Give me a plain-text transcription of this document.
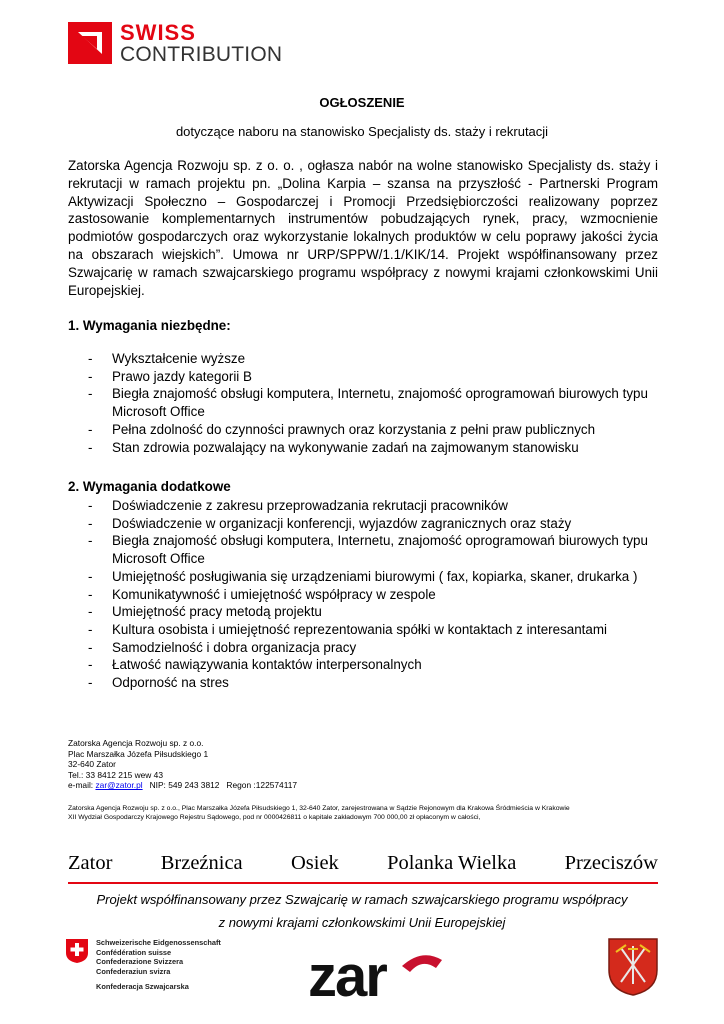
SWISS
CONTRIBUTION
OGŁOSZENIE
dotyczące naboru na stanowisko Specjalisty ds. staży i rekrutacji
Zatorska Agencja Rozwoju sp. z o. o. , ogłasza nabór na wolne stanowisko Specjalisty ds. staży i rekrutacji w ramach projektu pn. „Dolina Karpia – szansa na przyszłość - Partnerski Program Aktywizacji Społeczno – Gospodarczej i Promocji Przedsiębiorczości realizowany poprzez zastosowanie komplementarnych instrumentów pobudzających rynek, pracy, wzmocnienie podmiotów gospodarczych oraz wykorzystanie lokalnych produktów w celu poprawy jakości życia na obszarach wiejskich”. Umowa nr URP/SPPW/1.1/KIK/14. Projekt współfinansowany przez Szwajcarię w ramach szwajcarskiego programu współpracy z nowymi krajami członkowskimi Unii Europejskiej.
1. Wymagania niezbędne:
- Wykształcenie wyższe
- Prawo jazdy kategorii B
- Biegła znajomość obsługi komputera, Internetu, znajomość oprogramowań biurowych typu Microsoft Office
- Pełna zdolność do czynności prawnych oraz korzystania z pełni praw publicznych
- Stan zdrowia pozwalający na wykonywanie zadań na zajmowanym stanowisku
2. Wymagania dodatkowe
- Doświadczenie z zakresu przeprowadzania rekrutacji pracowników
- Doświadczenie w organizacji konferencji, wyjazdów zagranicznych oraz staży
- Biegła znajomość obsługi komputera, Internetu, znajomość oprogramowań biurowych typu Microsoft Office
- Umiejętność posługiwania się urządzeniami biurowymi ( fax, kopiarka, skaner, drukarka )
- Komunikatywność i umiejętność współpracy w zespole
- Umiejętność pracy metodą projektu
- Kultura osobista i umiejętność reprezentowania spółki w kontaktach z interesantami
- Samodzielność i dobra organizacja pracy
- Łatwość nawiązywania kontaktów interpersonalnych
- Odporność na stres
Zatorska Agencja Rozwoju sp. z o.o.
Plac Marszałka Józefa Piłsudskiego 1
32-640 Zator
Tel.: 33 8412 215 wew 43
e-mail: zar@zator.pl   NIP: 549 243 3812   Regon :122574117
Zatorska Agencja Rozwoju sp. z o.o., Plac Marszałka Józefa Piłsudskiego 1, 32-640 Zator, zarejestrowana w Sądzie Rejonowym dla Krakowa Śródmieścia w Krakowie
XII Wydział Gospodarczy Krajowego Rejestru Sądowego, pod nr 0000426811 o kapitale zakładowym 700 000,00 zł opłaconym w całości,
Zator Brzeźnica Osiek Polanka Wielka Przeciszów
Projekt współfinansowany przez Szwajcarię w ramach szwajcarskiego programu współpracy
z nowymi krajami członkowskimi Unii Europejskiej
Schweizerische Eidgenossenschaft
Confédération suisse
Confederazione Svizzera
Confederaziun svizra
Konfederacja Szwajcarska	zar
